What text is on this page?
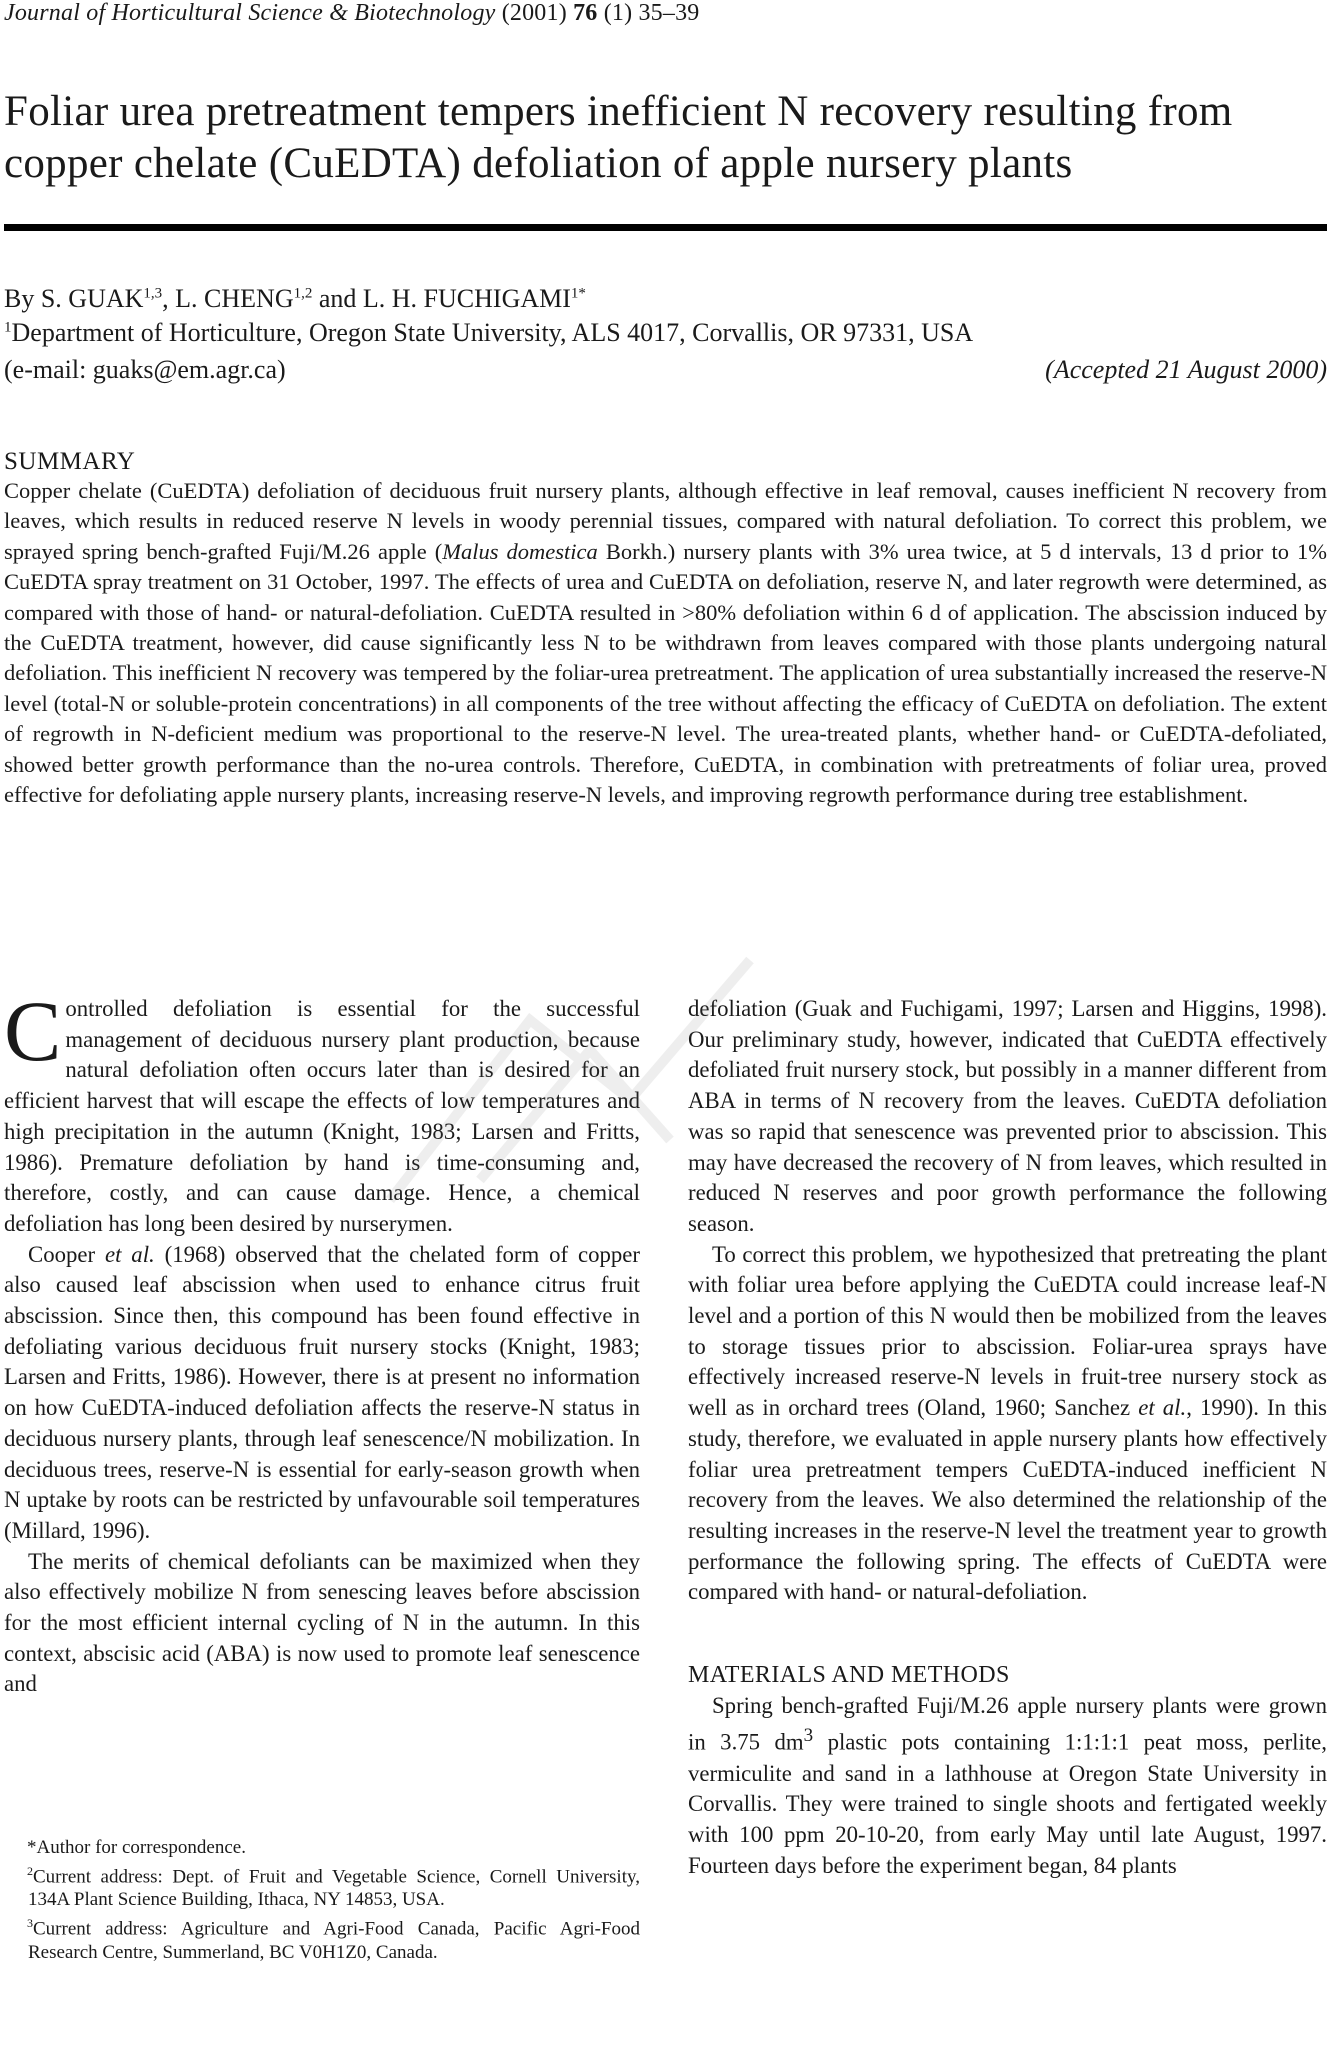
Journal of Horticultural Science & Biotechnology (2001) 76 (1) 35–39
Foliar urea pretreatment tempers inefficient N recovery resulting from copper chelate (CuEDTA) defoliation of apple nursery plants
By S. GUAK$^{1,3}$, L. CHENG$^{1,2}$ and L. H. $FUCHIGAMI^{1*}$
$^1$Department of Horticulture, Oregon State University, ALS 4017, Corvallis, OR 97331, USA
(e-mail: guaks@em.agr.ca)	(Accepted 21 August 2000)
SUMMARY

Copper chelate (CuEDTA) defoliation of deciduous fruit nursery plants, although effective in leaf removal, causes inefficient N recovery from leaves, which results in reduced reserve N levels in woody perennial tissues, compared with natural defoliation. To correct this problem, we sprayed spring bench-grafted Fuji/M.26 apple (Malus domestica Borkh.) nursery plants with 3% urea twice, at 5 d intervals, 13 d prior to 1% CuEDTA spray treatment on 31 October, 1997. The effects of urea and CuEDTA on defoliation, reserve N, and later regrowth were determined, as compared with those of hand- or natural-defoliation. CuEDTA resulted in >80% defoliation within 6 d of application. The abscission induced by the CuEDTA treatment, however, did cause significantly less N to be withdrawn from leaves compared with those plants undergoing natural defoliation. This inefficient N recovery was tempered by the foliar-urea pretreatment. The application of urea substantially increased the reserve-N level (total-N or soluble-protein concentrations) in all components of the tree without affecting the efficacy of CuEDTA on defoliation. The extent of regrowth in N-deficient medium was proportional to the reserve-N level. The urea-treated plants, whether hand- or CuEDTA-defoliated, showed better growth performance than the no-urea controls. Therefore, CuEDTA, in combination with pretreatments of foliar urea, proved effective for defoliating apple nursery plants, increasing reserve-N levels, and improving regrowth performance during tree establishment.

Controlled defoliation is essential for the successful management of deciduous nursery plant production, because natural defoliation often occurs later than is desired for an efficient harvest that will escape the effects of low temperatures and high precipitation in the autumn (Knight, 1983; Larsen and Fritts, 1986). Premature defoliation by hand is time-consuming and, therefore, costly, and can cause damage. Hence, a chemical defoliation has long been desired by nurserymen.

Cooper et al. (1968) observed that the chelated form of copper also caused leaf abscission when used to enhance citrus fruit abscission. Since then, this compound has been found effective in defoliating various deciduous fruit nursery stocks (Knight, 1983; Larsen and Fritts, 1986). However, there is at present no information on how CuEDTA-induced defoliation affects the reserve-N status in deciduous nursery plants, through leaf senescence/N mobilization. In deciduous trees, reserve-N is essential for early-season growth when N uptake by roots can be restricted by unfavourable soil temperatures (Millard, 1996).

The merits of chemical defoliants can be maximized when they also effectively mobilize N from senescing leaves before abscission for the most efficient internal cycling of N in the autumn. In this context, abscisic acid (ABA) is now used to promote leaf senescence and

*Author for correspondence.

$^2$Current address: Dept. of Fruit and Vegetable Science, Cornell University, 134A Plant Science Building, Ithaca, NY 14853, USA.

$^3$Current address: Agriculture and Agri-Food Canada, Pacific Agri-Food Research Centre, Summerland, BC V0H1Z0, Canada.

defoliation (Guak and Fuchigami, 1997; Larsen and Higgins, 1998). Our preliminary study, however, indicated that CuEDTA effectively defoliated fruit nursery stock, but possibly in a manner different from ABA in terms of N recovery from the leaves. CuEDTA defoliation was so rapid that senescence was prevented prior to abscission. This may have decreased the recovery of N from leaves, which resulted in reduced N reserves and poor growth performance the following season.

To correct this problem, we hypothesized that pretreating the plant with foliar urea before applying the CuEDTA could increase leaf-N level and a portion of this N would then be mobilized from the leaves to storage tissues prior to abscission. Foliar-urea sprays have effectively increased reserve-N levels in fruit-tree nursery stock as well as in orchard trees (Oland, 1960; Sanchez et al., 1990). In this study, therefore, we evaluated in apple nursery plants how effectively foliar urea pretreatment tempers CuEDTA-induced inefficient N recovery from the leaves. We also determined the relationship of the resulting increases in the reserve-N level the treatment year to growth performance the following spring. The effects of CuEDTA were compared with hand- or natural-defoliation.

MATERIALS AND METHODS

Spring bench-grafted Fuji/M.26 apple nursery plants were grown in 3.75 $dm^3$ plastic pots containing 1:1:1:1 peat moss, perlite, vermiculite and sand in a lathhouse at Oregon State University in Corvallis. They were trained to single shoots and fertigated weekly with 100 ppm 20-10-20, from early May until late August, 1997. Fourteen days before the experiment began, 84 plants
